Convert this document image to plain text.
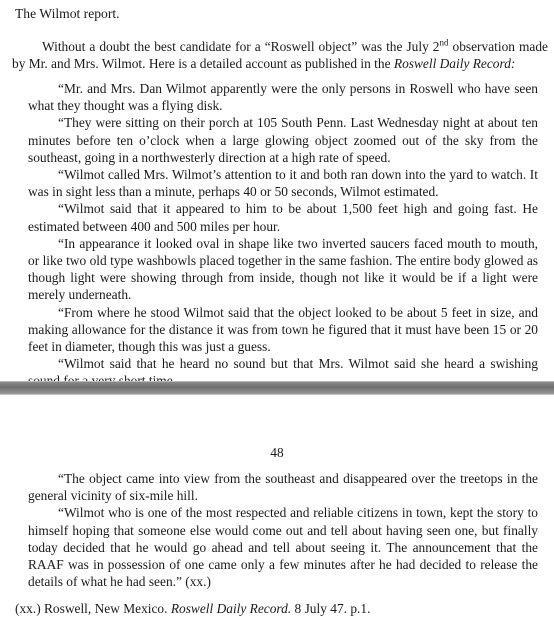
The Wilmot report.
Without a doubt the best candidate for a “Roswell object” was the July 2nd observation made by Mr. and Mrs. Wilmot. Here is a detailed account as published in the Roswell Daily Record:

“Mr. and Mrs. Dan Wilmot apparently were the only persons in Roswell who have seen what they thought was a flying disk.

“They were sitting on their porch at 105 South Penn. Last Wednesday night at about ten minutes before ten o’clock when a large glowing object zoomed out of the sky from the southeast, going in a northwesterly direction at a high rate of speed.

“Wilmot called Mrs. Wilmot’s attention to it and both ran down into the yard to watch. It was in sight less than a minute, perhaps 40 or 50 seconds, Wilmot estimated.

“Wilmot said that it appeared to him to be about 1,500 feet high and going fast. He estimated between 400 and 500 miles per hour.

“In appearance it looked oval in shape like two inverted saucers faced mouth to mouth, or like two old type washbowls placed together in the same fashion. The entire body glowed as though light were showing through from inside, though not like it would be if a light were merely underneath.

“From where he stood Wilmot said that the object looked to be about 5 feet in size, and making allowance for the distance it was from town he figured that it must have been 15 or 20 feet in diameter, though this was just a guess.

“Wilmot said that he heard no sound but that Mrs. Wilmot said she heard a swishing

48

“The object came into view from the southeast and disappeared over the treetops in the general vicinity of six-mile hill.

“Wilmot who is one of the most respected and reliable citizens in town, kept the story to himself hoping that someone else would come out and tell about having seen one, but finally today decided that he would go ahead and tell about seeing it. The announcement that the RAAF was in possession of one came only a few minutes after he had decided to release the details of what he had seen.” (xx.)

(xx.) Roswell, New Mexico. Roswell Daily Record. 8 July 47. p.1.
